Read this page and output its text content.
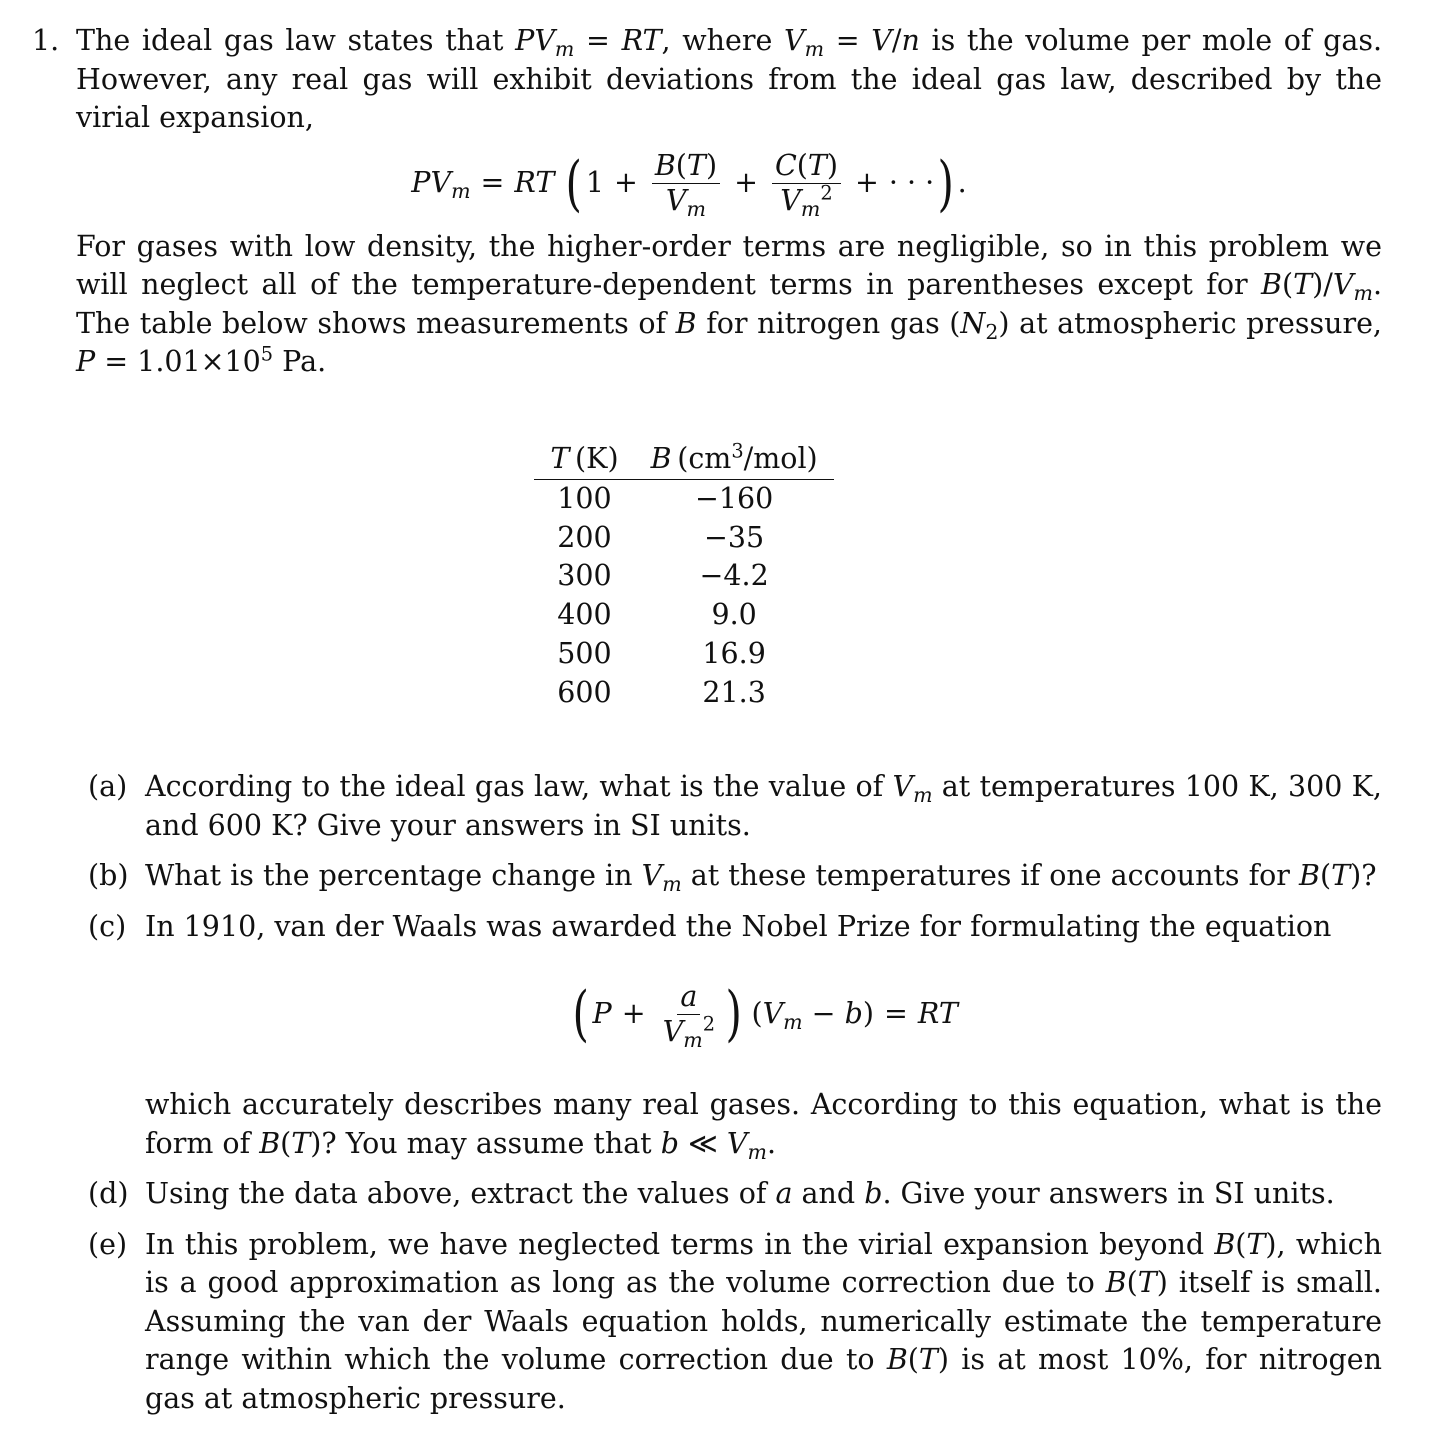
1. The ideal gas law states that $PV_m$ = RT, where $V_m = V/n$ is the volume per mole of gas. However, any real gas will exhibit deviations from the ideal gas law, described by the virial expansion,

$PV_m$ = RT ( $1 + \frac{B(T)}{V_m} + \frac{C(T)}{V_m^2}$ + · · · ) .

For gases with low density, the higher-order terms are negligible, so in this problem we will neglect all of the temperature-dependent terms in parentheses except for $B(T)/V_m$. The table below shows measurements of B for nitrogen gas $(N_2)$ at atmospheric pressure, $P = 1.01\times 10^5$ Pa.

T  (K)	B  $(cm^3/mol)$
100	−160
200	−35
300	−4.2
400	9.0
500	16.9
600	21.3
(a) According to the ideal gas law, what is the value of $V_m$ at temperatures 100 K, 300 K, and 600 K? Give your answers in SI units.
(b) What is the percentage change in $V_m$ at these temperatures if one accounts for B(T)?
(c) In 1910, van der Waals was awarded the Nobel Prize for formulating the equation
( $P + \frac{a}{V_m^2}$ ) $(V_m - b)$ = RT
which accurately describes many real gases. According to this equation, what is the form of B(T)? You may assume that b ≪ $V_m$.
(d) Using the data above, extract the values of a and b. Give your answers in SI units.
(e) In this problem, we have neglected terms in the virial expansion beyond B(T), which is a good approximation as long as the volume correction due to B(T) itself is small. Assuming the van der Waals equation holds, numerically estimate the temperature range within which the volume correction due to B(T) is at most 10%, for nitrogen gas at atmospheric pressure.
